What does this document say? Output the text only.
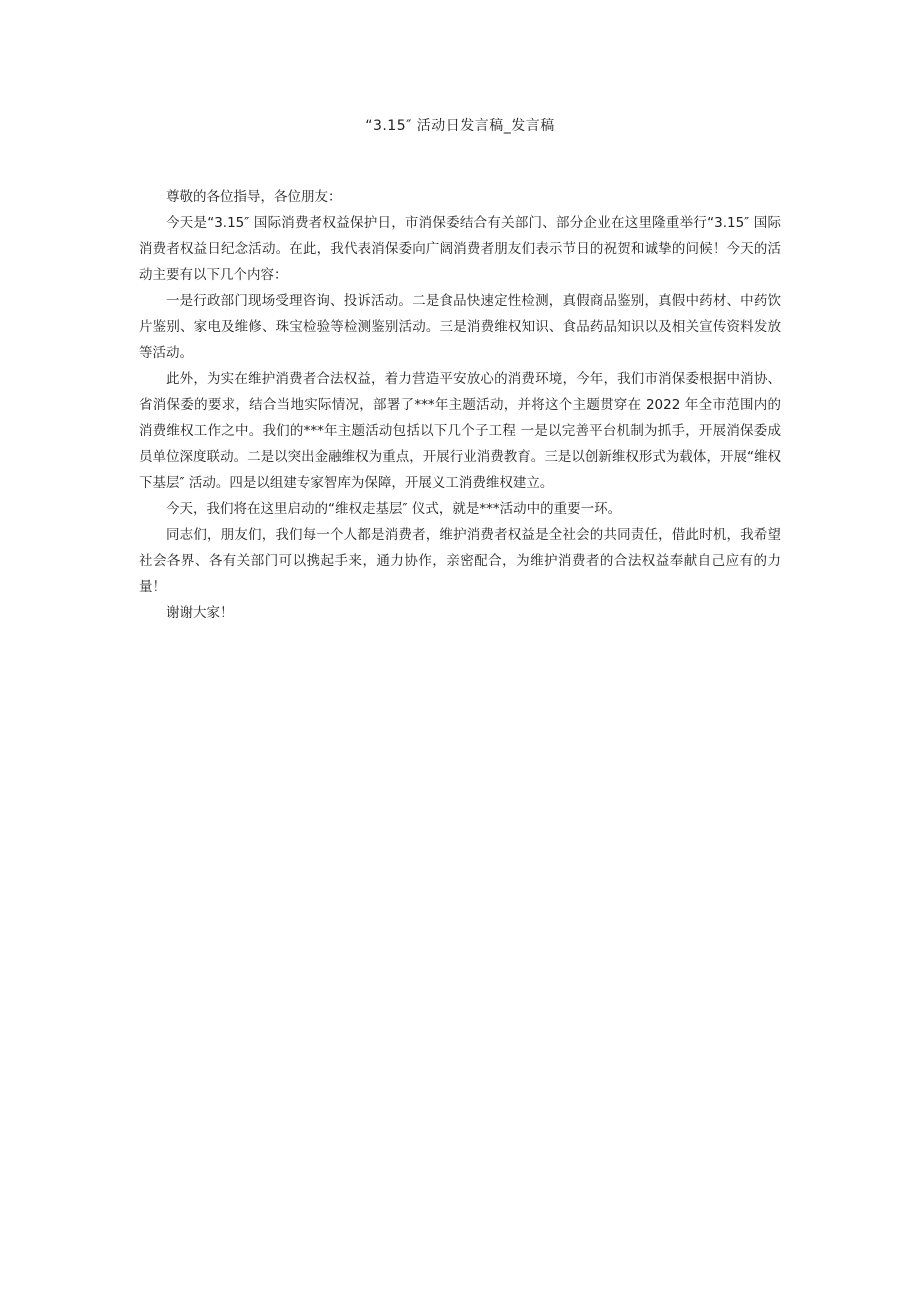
“3.15″ 活动日发言稿_发言稿

尊敬的各位指导，各位朋友：

今天是“3.15″ 国际消费者权益保护日，市消保委结合有关部门、部分企业在这里隆重举行“3.15″ 国际消费者权益日纪念活动。在此，我代表消保委向广阔消费者朋友们表示节日的祝贺和诚挚的问候！今天的活动主要有以下几个内容：

一是行政部门现场受理咨询、投诉活动。二是食品快速定性检测，真假商品鉴别，真假中药材、中药饮片鉴别、家电及维修、珠宝检验等检测鉴别活动。三是消费维权知识、食品药品知识以及相关宣传资料发放等活动。

此外，为实在维护消费者合法权益，着力营造平安放心的消费环境，今年，我们市消保委根据中消协、省消保委的要求，结合当地实际情况，部署了***年主题活动，并将这个主题贯穿在 2022 年全市范围内的消费维权工作之中。我们的***年主题活动包括以下几个子工程 一是以完善平台机制为抓手，开展消保委成员单位深度联动。二是以突出金融维权为重点，开展行业消费教育。三是以创新维权形式为载体，开展“维权下基层″ 活动。四是以组建专家智库为保障，开展义工消费维权建立。

今天，我们将在这里启动的“维权走基层″ 仪式，就是***活动中的重要一环。

同志们，朋友们，我们每一个人都是消费者，维护消费者权益是全社会的共同责任，借此时机，我希望社会各界、各有关部门可以携起手来，通力协作，亲密配合，为维护消费者的合法权益奉献自己应有的力量！

谢谢大家！
